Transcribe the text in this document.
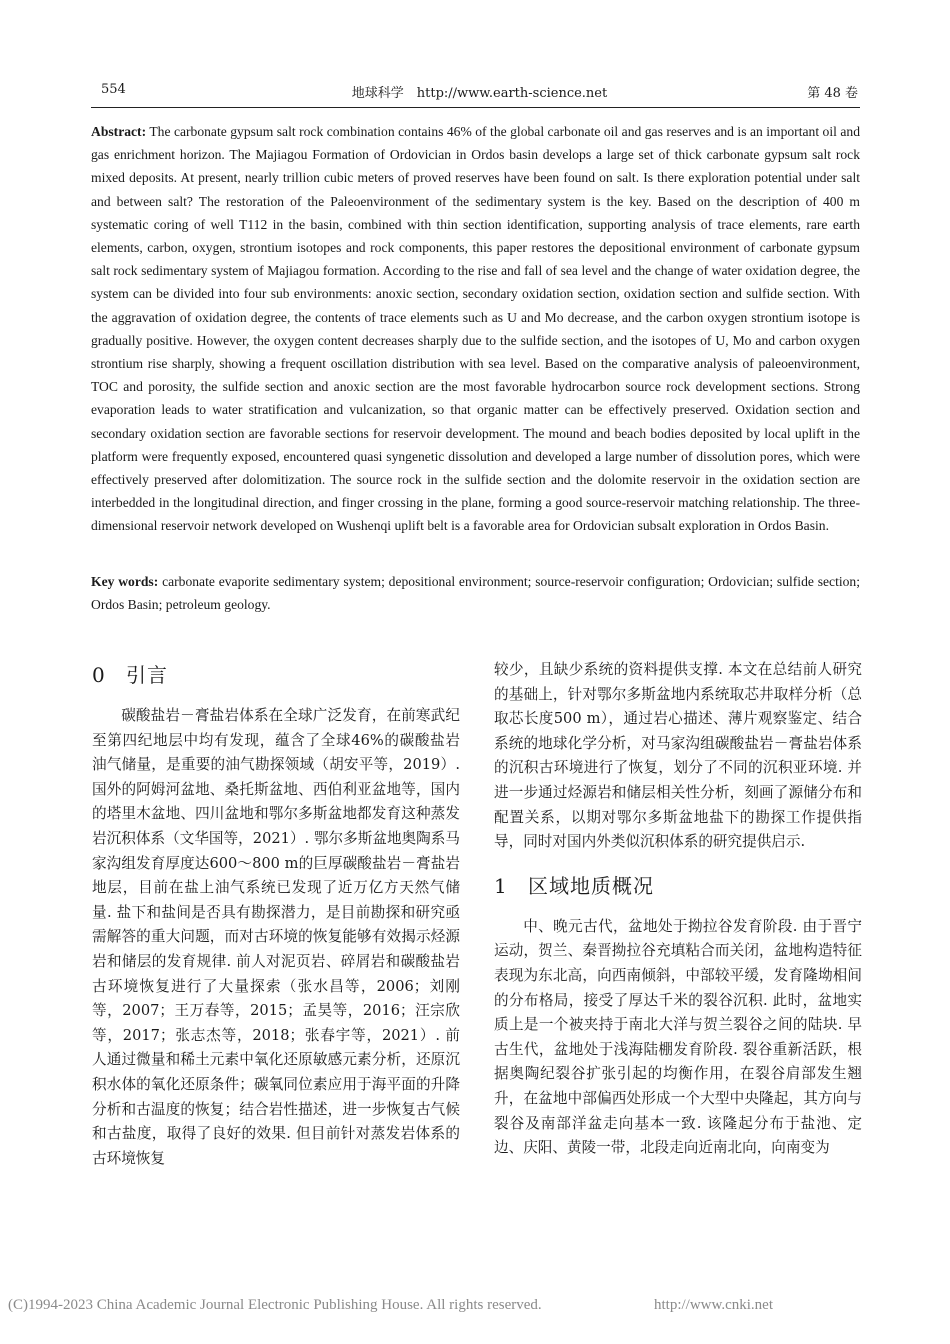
554	地球科学　http://www.earth-science.net	第 48 卷

Abstract: The carbonate gypsum salt rock combination contains 46% of the global carbonate oil and gas reserves and is an important oil and gas enrichment horizon. The Majiagou Formation of Ordovician in Ordos basin develops a large set of thick carbonate gypsum salt rock mixed deposits. At present, nearly trillion cubic meters of proved reserves have been found on salt. Is there exploration potential under salt and between salt? The restoration of the Paleoenvironment of the sedimentary system is the key. Based on the description of 400 m systematic coring of well T112 in the basin, combined with thin section identification, supporting analysis of trace elements, rare earth elements, carbon, oxygen, strontium isotopes and rock components, this paper restores the depositional environment of carbonate gypsum salt rock sedimentary system of Majiagou formation. According to the rise and fall of sea level and the change of water oxidation degree, the system can be divided into four sub environments: anoxic section, secondary oxidation section, oxidation section and sulfide section. With the aggravation of oxidation degree, the contents of trace elements such as U and Mo decrease, and the carbon oxygen strontium isotope is gradually positive. However, the oxygen content decreases sharply due to the sulfide section, and the isotopes of U, Mo and carbon oxygen strontium rise sharply, showing a frequent oscillation distribution with sea level. Based on the comparative analysis of paleoenvironment, TOC and porosity, the sulfide section and anoxic section are the most favorable hydrocarbon source rock development sections. Strong evaporation leads to water stratification and vulcanization, so that organic matter can be effectively preserved. Oxidation section and secondary oxidation section are favorable sections for reservoir development. The mound and beach bodies deposited by local uplift in the platform were frequently exposed, encountered quasi syngenetic dissolution and developed a large number of dissolution pores, which were effectively preserved after dolomitization. The source rock in the sulfide section and the dolomite reservoir in the oxidation section are interbedded in the longitudinal direction, and finger crossing in the plane, forming a good source-reservoir matching relationship. The three-dimensional reservoir network developed on Wushenqi uplift belt is a favorable area for Ordovician subsalt exploration in Ordos Basin.

Key words: carbonate evaporite sedimentary system; depositional environment; source-reservoir configuration; Ordovician; sulfide section; Ordos Basin; petroleum geology.

0 引言

碳酸盐岩－膏盐岩体系在全球广泛发育，在前寒武纪至第四纪地层中均有发现，蕴含了全球46%的碳酸盐岩油气储量，是重要的油气勘探领域（胡安平等，2019）. 国外的阿姆河盆地、桑托斯盆地、西伯利亚盆地等，国内的塔里木盆地、四川盆地和鄂尔多斯盆地都发育这种蒸发岩沉积体系（文华国等，2021）. 鄂尔多斯盆地奥陶系马家沟组发育厚度达600～800 m的巨厚碳酸盐岩－膏盐岩地层，目前在盐上油气系统已发现了近万亿方天然气储量. 盐下和盐间是否具有勘探潜力，是目前勘探和研究亟需解答的重大问题，而对古环境的恢复能够有效揭示烃源岩和储层的发育规律. 前人对泥页岩、碎屑岩和碳酸盐岩古环境恢复进行了大量探索（张水昌等，2006；刘刚等，2007；王万春等，2015；孟昊等，2016；汪宗欣等，2017；张志杰等，2018；张春宇等，2021）. 前人通过微量和稀土元素中氧化还原敏感元素分析，还原沉积水体的氧化还原条件；碳氧同位素应用于海平面的升降分析和古温度的恢复；结合岩性描述，进一步恢复古气候和古盐度，取得了良好的效果. 但目前针对蒸发岩体系的古环境恢复

较少，且缺少系统的资料提供支撑. 本文在总结前人研究的基础上，针对鄂尔多斯盆地内系统取芯井取样分析（总取芯长度500 m），通过岩心描述、薄片观察鉴定、结合系统的地球化学分析，对马家沟组碳酸盐岩－膏盐岩体系的沉积古环境进行了恢复，划分了不同的沉积亚环境. 并进一步通过烃源岩和储层相关性分析，刻画了源储分布和配置关系，以期对鄂尔多斯盆地盐下的勘探工作提供指导，同时对国内外类似沉积体系的研究提供启示.

1 区域地质概况

中、晚元古代，盆地处于拗拉谷发育阶段. 由于晋宁运动，贺兰、秦晋拗拉谷充填粘合而关闭，盆地构造特征表现为东北高，向西南倾斜，中部较平缓，发育隆坳相间的分布格局，接受了厚达千米的裂谷沉积. 此时，盆地实质上是一个被夹持于南北大洋与贺兰裂谷之间的陆块. 早古生代，盆地处于浅海陆棚发育阶段. 裂谷重新活跃，根据奥陶纪裂谷扩张引起的均衡作用，在裂谷肩部发生翘升，在盆地中部偏西处形成一个大型中央隆起，其方向与裂谷及南部洋盆走向基本一致. 该隆起分布于盐池、定边、庆阳、黄陵一带，北段走向近南北向，向南变为

(C)1994-2023 China Academic Journal Electronic Publishing House. All rights reserved.	http://www.cnki.net
